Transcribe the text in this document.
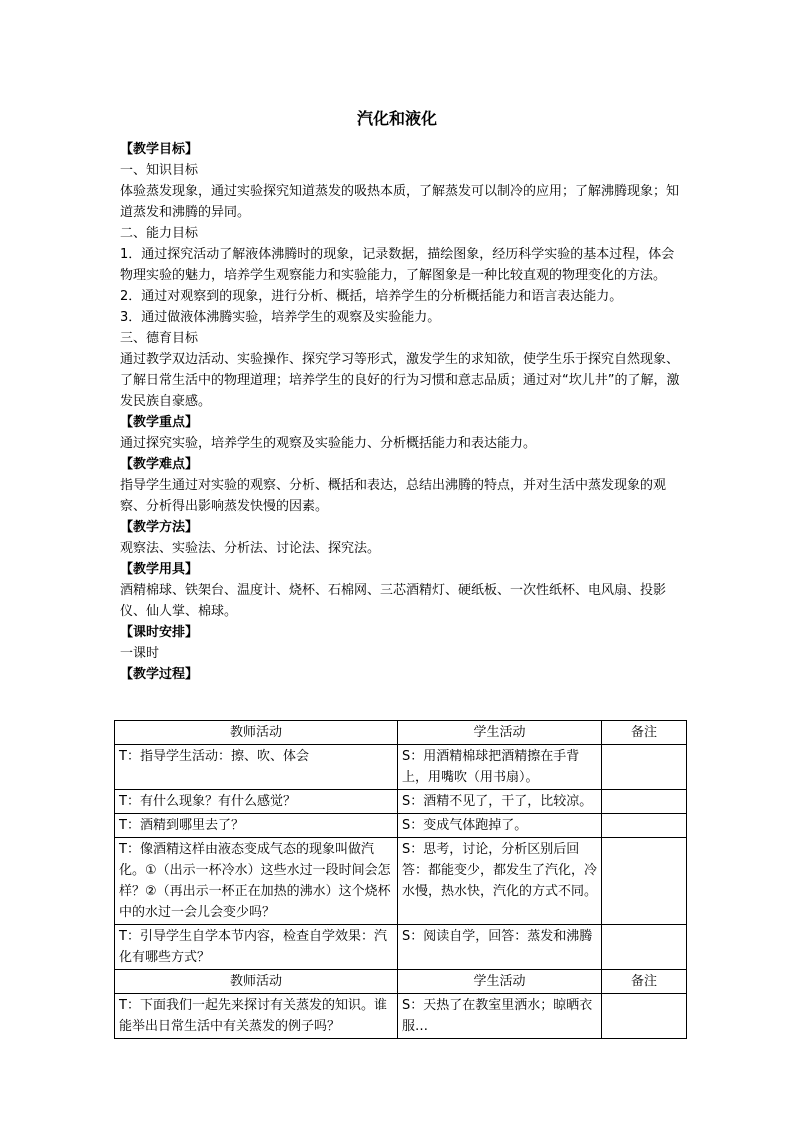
汽化和液化

【教学目标】

一、知识目标

体验蒸发现象，通过实验探究知道蒸发的吸热本质，了解蒸发可以制冷的应用；了解沸腾现象；知道蒸发和沸腾的异同。

二、能力目标

1．通过探究活动了解液体沸腾时的现象，记录数据，描绘图象，经历科学实验的基本过程，体会物理实验的魅力，培养学生观察能力和实验能力，了解图象是一种比较直观的物理变化的方法。

2．通过对观察到的现象，进行分析、概括，培养学生的分析概括能力和语言表达能力。

3．通过做液体沸腾实验，培养学生的观察及实验能力。

三、德育目标

通过教学双边活动、实验操作、探究学习等形式，激发学生的求知欲，使学生乐于探究自然现象、了解日常生活中的物理道理；培养学生的良好的行为习惯和意志品质；通过对“坎儿井”的了解，激发民族自豪感。

【教学重点】

通过探究实验，培养学生的观察及实验能力、分析概括能力和表达能力。

【教学难点】

指导学生通过对实验的观察、分析、概括和表达，总结出沸腾的特点，并对生活中蒸发现象的观察、分析得出影响蒸发快慢的因素。

【教学方法】

观察法、实验法、分析法、讨论法、探究法。

【教学用具】

酒精棉球、铁架台、温度计、烧杯、石棉网、三芯酒精灯、硬纸板、一次性纸杯、电风扇、投影仪、仙人掌、棉球。

【课时安排】

一课时

【教学过程】

教师活动	学生活动	备注
T：指导学生活动：擦、吹、体会	S：用酒精棉球把酒精擦在手背上，用嘴吹（用书扇）。	
T：有什么现象？有什么感觉？	S：酒精不见了，干了，比较凉。	
T：酒精到哪里去了？	S：变成气体跑掉了。	
T：像酒精这样由液态变成气态的现象叫做汽化。①（出示一杯冷水）这些水过一段时间会怎样？②（再出示一杯正在加热的沸水）这个烧杯中的水过一会儿会变少吗？	S：思考，讨论，分析区别后回答：都能变少，都发生了汽化，冷水慢，热水快，汽化的方式不同。	
T：引导学生自学本节内容，检查自学效果：汽化有哪些方式？	S：阅读自学，回答：蒸发和沸腾	
教师活动	学生活动	备注
T：下面我们一起先来探讨有关蒸发的知识。谁能举出日常生活中有关蒸发的例子吗？	S：天热了在教室里洒水；晾晒衣服…	
